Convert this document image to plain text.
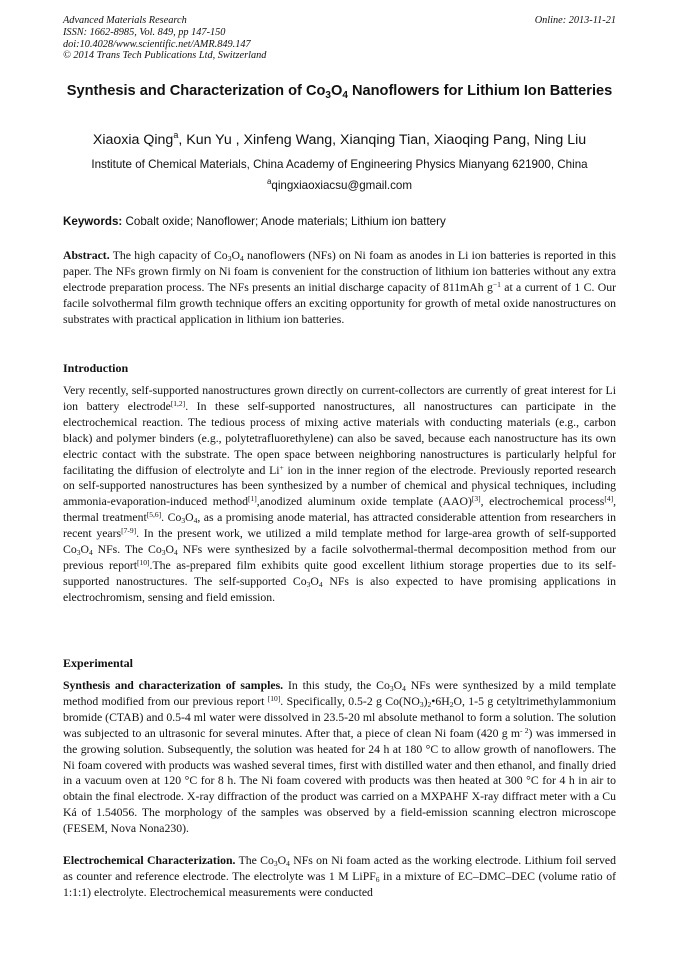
Advanced Materials Research	Online: 2013-11-21
ISSN: 1662-8985, Vol. 849, pp 147-150
doi:10.4028/www.scientific.net/AMR.849.147
© 2014 Trans Tech Publications Ltd, Switzerland
Synthesis and Characterization of $Co_3O_4$ Nanoflowers for Lithium Ion Batteries
Xiaoxia Qing$^a$, Kun Yu , Xinfeng Wang, Xianqing Tian, Xiaoqing Pang, Ning Liu
Institute of Chemical Materials, China Academy of Engineering Physics Mianyang 621900, China
$^a$qingxiaoxiacsu@gmail.com
Keywords: Cobalt oxide; Nanoflower; Anode materials; Lithium ion battery
Abstract. The high capacity of $Co_3O_4$ nanoflowers (NFs) on Ni foam as anodes in Li ion batteries is reported in this paper. The NFs grown firmly on Ni foam is convenient for the construction of lithium ion batteries without any extra electrode preparation process. The NFs presents an initial discharge capacity of 811mAh $g^{-1}$ at a current of 1 C. Our facile solvothermal film growth technique offers an exciting opportunity for growth of metal oxide nanostructures on substrates with practical application in lithium ion batteries.
Introduction
Very recently, self-supported nanostructures grown directly on current-collectors are currently of great interest for Li ion battery electrode[1,2]. In these self-supported nanostructures, all nanostructures can participate in the electrochemical reaction. The tedious process of mixing active materials with conducting materials (e.g., carbon black) and polymer binders (e.g., polytetrafluorethylene) can also be saved, because each nanostructure has its own electric contact with the substrate. The open space between neighboring nanostructures is particularly helpful for facilitating the diffusion of electrolyte and Li+ ion in the inner region of the electrode. Previously reported research on self-supported nanostructures has been synthesized by a number of chemical and physical techniques, including ammonia-evaporation-induced method[1],anodized aluminum oxide template (AAO)[3], electrochemical process[4], thermal treatment[5,6]. $Co_3O_4$, as a promising anode material, has attracted considerable attention from researchers in recent years[7-9]. In the present work, we utilized a mild template method for large-area growth of self-supported $Co_3O_4$ NFs. The $Co_3O_4$ NFs were synthesized by a facile solvothermal-thermal decomposition method from our previous report[10].The as-prepared film exhibits quite good excellent lithium storage properties due to its self-supported nanostructures. The self-supported $Co_3O_4$ NFs is also expected to have promising applications in electrochromism, sensing and field emission.
Experimental
Synthesis and characterization of samples. In this study, the $Co_3O_4$ NFs were synthesized by a mild template method modified from our previous report [10]. Specifically, 0.5-2 g $Co(NO_3)_2•6H_2O$, 1-5 g cetyltrimethylammonium bromide (CTAB) and 0.5-4 ml water were dissolved in 23.5-20 ml absolute methanol to form a solution. The solution was subjected to an ultrasonic for several minutes. After that, a piece of clean Ni foam (420 g $m^{- 2}$) was immersed in the growing solution. Subsequently, the solution was heated for 24 h at 180 °C to allow growth of nanoflowers. The Ni foam covered with products was washed several times, first with distilled water and then ethanol, and finally dried in a vacuum oven at 120 °C for 8 h. The Ni foam covered with products was then heated at 300 °C for 4 h in air to obtain the final electrode. X-ray diffraction of the product was carried on a MXPAHF X-ray diffract meter with a Cu Ká of 1.54056. The morphology of the samples was observed by a field-emission scanning electron microscope (FESEM, Nova Nona230).
Electrochemical Characterization. The $Co_3O_4$ NFs on Ni foam acted as the working electrode. Lithium foil served as counter and reference electrode. The electrolyte was 1 M LiPF$_6$ in a mixture of EC–DMC–DEC (volume ratio of 1:1:1) electrolyte. Electrochemical measurements were conducted
